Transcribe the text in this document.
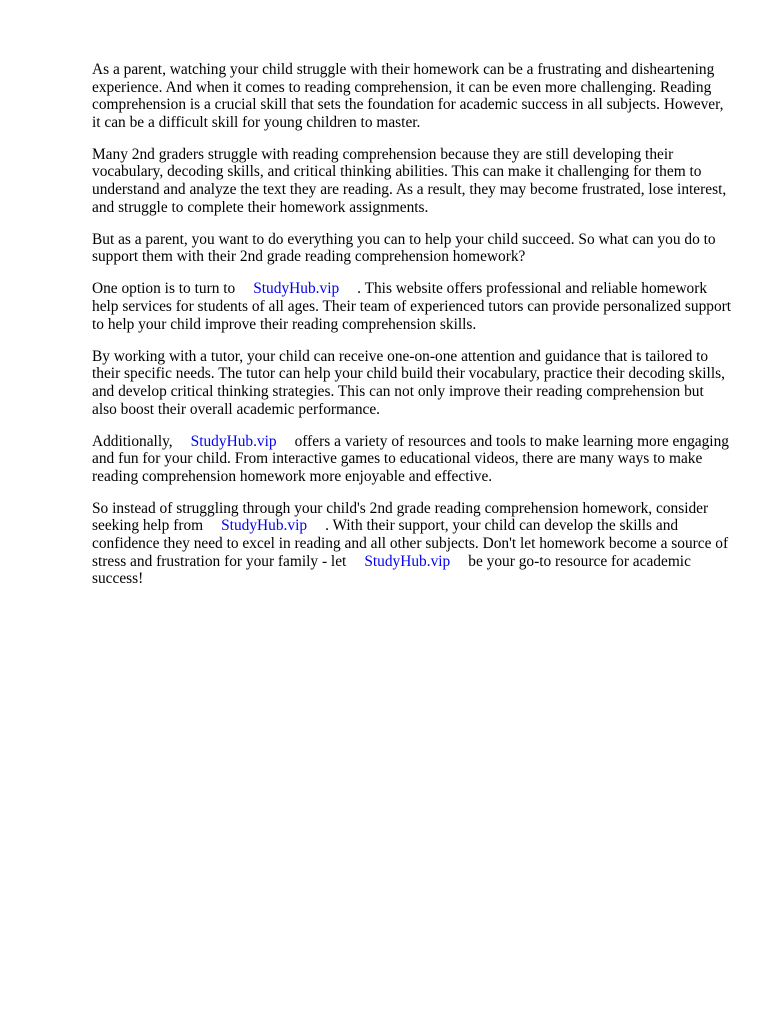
As a parent, watching your child struggle with their homework can be a frustrating and disheartening experience. And when it comes to reading comprehension, it can be even more challenging. Reading comprehension is a crucial skill that sets the foundation for academic success in all subjects. However, it can be a difficult skill for young children to master.

Many 2nd graders struggle with reading comprehension because they are still developing their vocabulary, decoding skills, and critical thinking abilities. This can make it challenging for them to understand and analyze the text they are reading. As a result, they may become frustrated, lose interest, and struggle to complete their homework assignments.

But as a parent, you want to do everything you can to help your child succeed. So what can you do to support them with their 2nd grade reading comprehension homework?

One option is to turn to StudyHub.vip . This website offers professional and reliable homework help services for students of all ages. Their team of experienced tutors can provide personalized support to help your child improve their reading comprehension skills.

By working with a tutor, your child can receive one-on-one attention and guidance that is tailored to their specific needs. The tutor can help your child build their vocabulary, practice their decoding skills, and develop critical thinking strategies. This can not only improve their reading comprehension but also boost their overall academic performance.

Additionally, StudyHub.vip offers a variety of resources and tools to make learning more engaging and fun for your child. From interactive games to educational videos, there are many ways to make reading comprehension homework more enjoyable and effective.

So instead of struggling through your child's 2nd grade reading comprehension homework, consider seeking help from StudyHub.vip . With their support, your child can develop the skills and confidence they need to excel in reading and all other subjects. Don't let homework become a source of stress and frustration for your family - let StudyHub.vip be your go-to resource for academic success!
